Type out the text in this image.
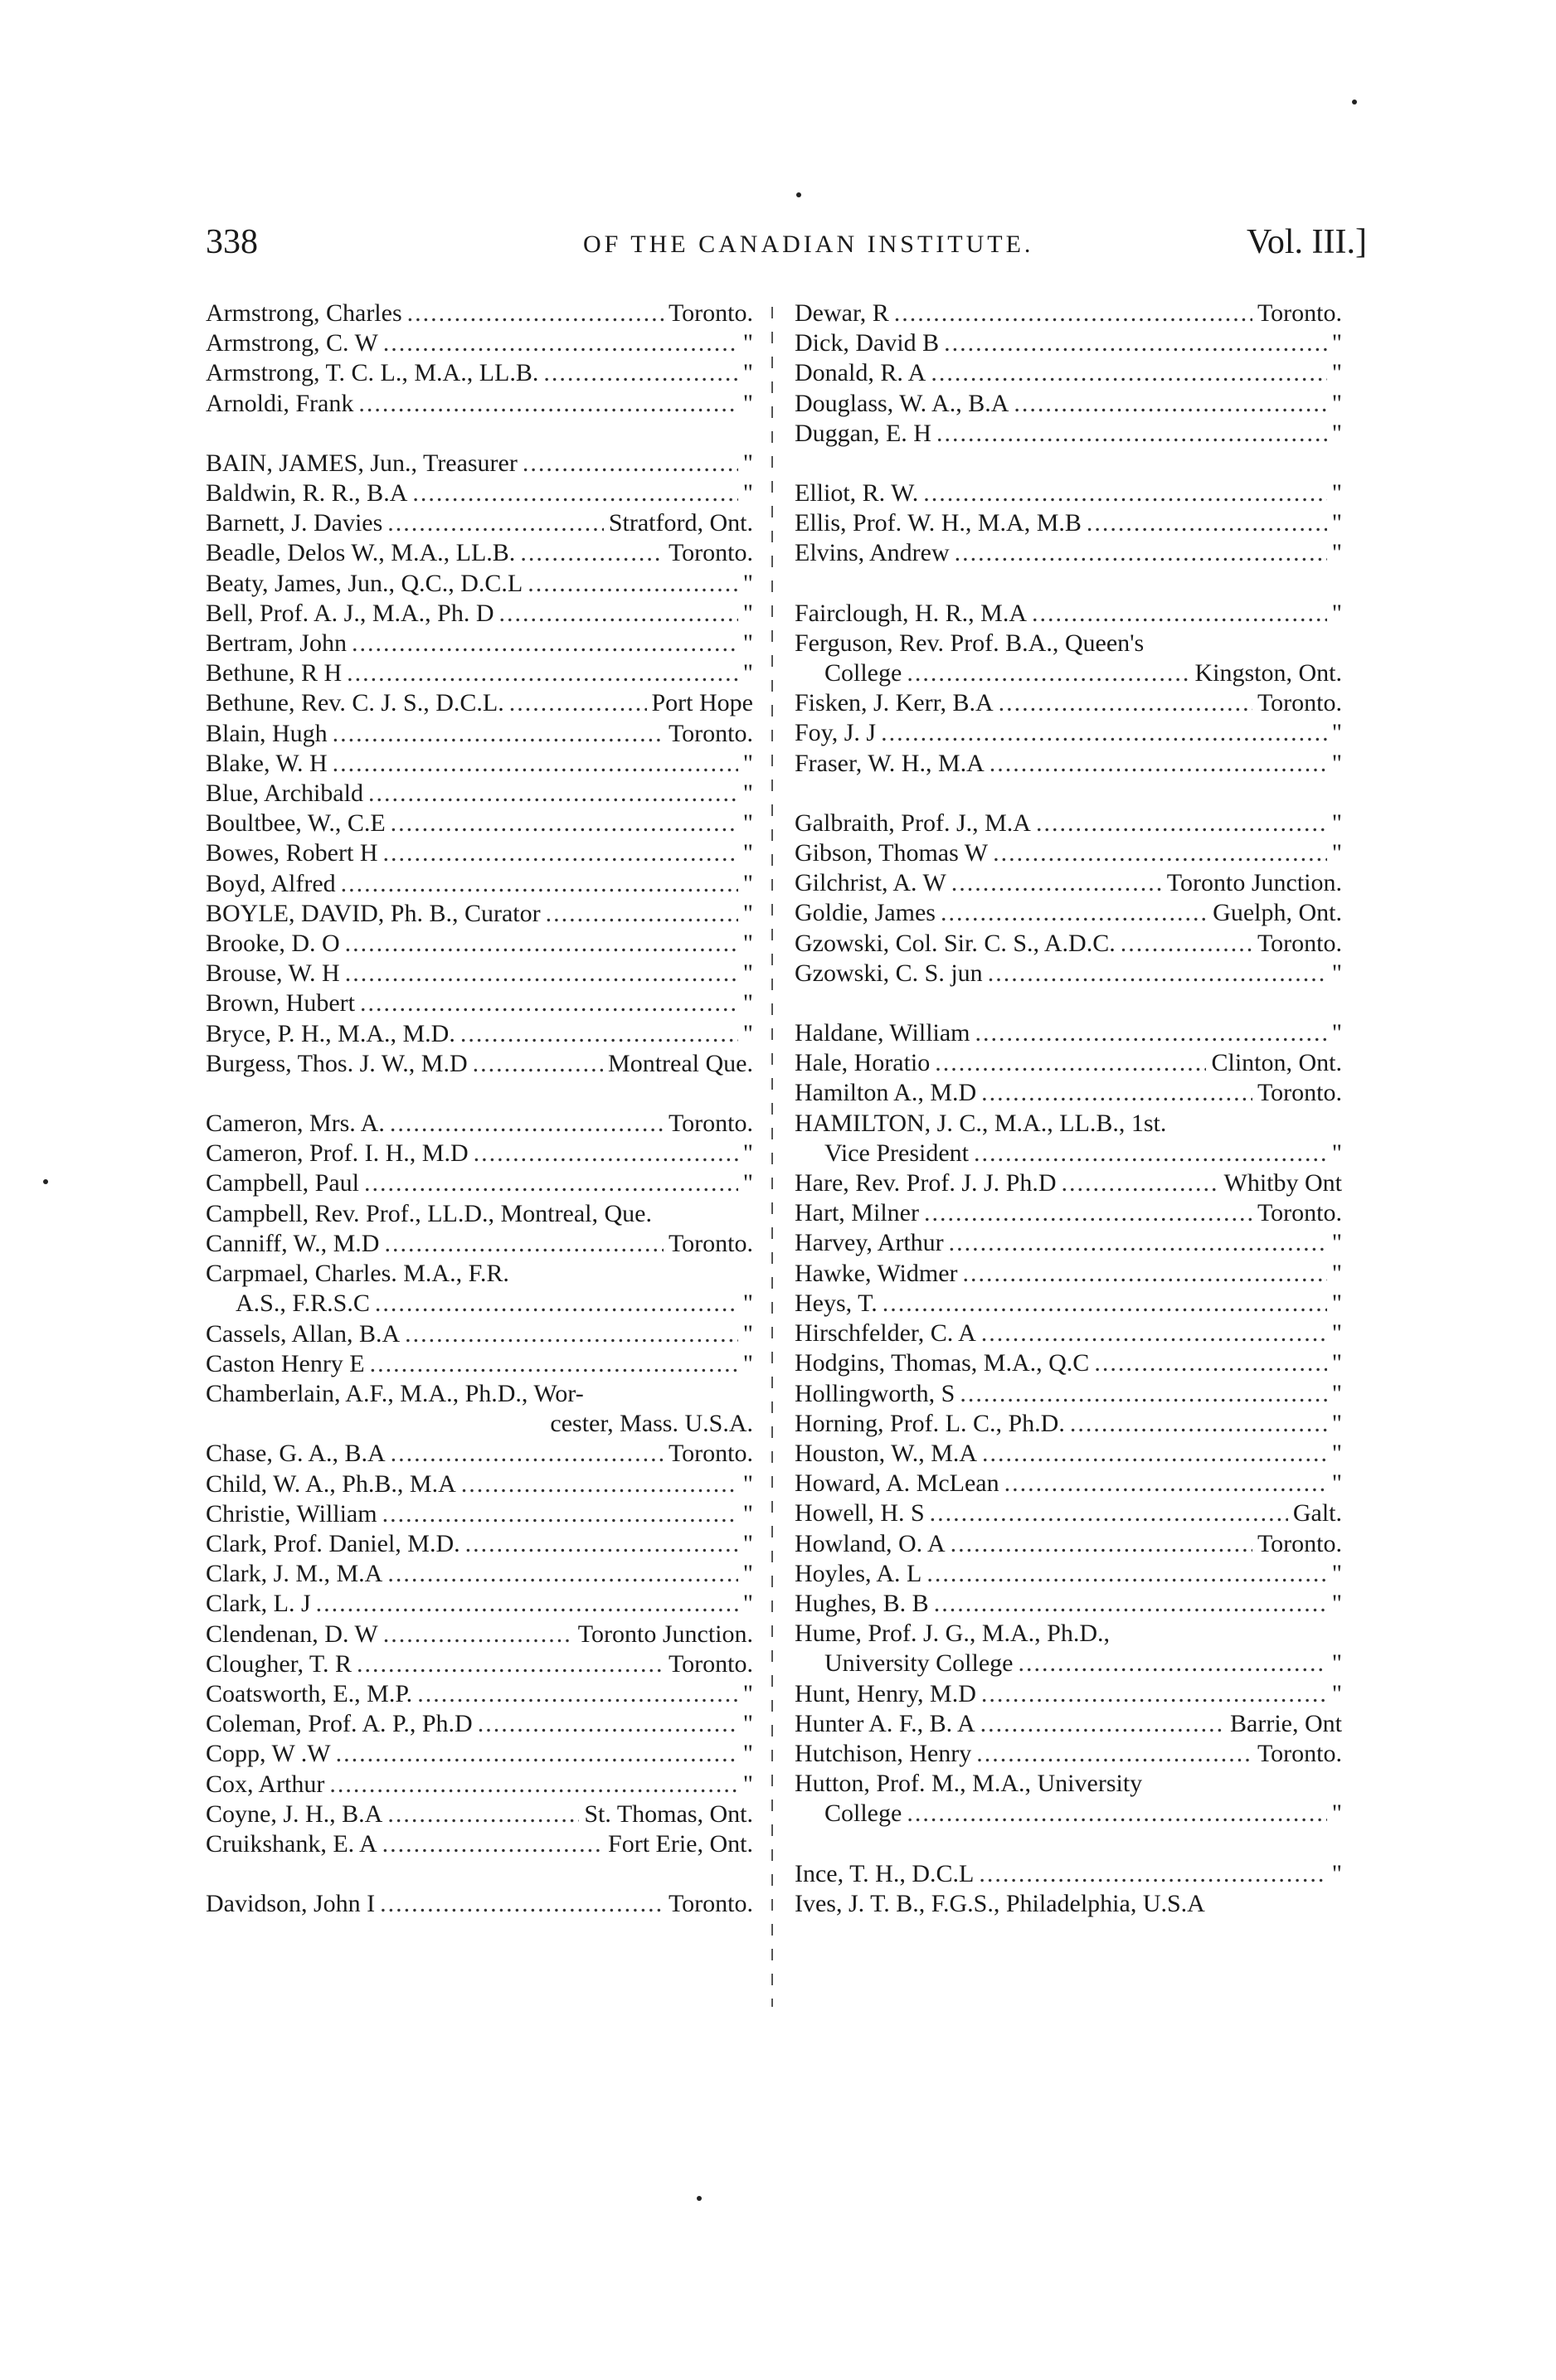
338	OF THE CANADIAN INSTITUTE.	Vol. III.]
Armstrong, Charles .....	Toronto.
Armstrong, C. W .....	"
Armstrong, T. C. L., M.A., LL.B. .....	"
Arnoldi, Frank .....	"
BAIN, JAMES, Jun., Treasurer .....	"
Baldwin, R. R., B.A .....	"
Barnett, J. Davies .....	Stratford, Ont.
Beadle, Delos W., M.A., LL.B. .....	Toronto.
Beaty, James, Jun., Q.C., D.C.L .....	"
Bell, Prof. A. J., M.A., Ph. D .....	"
Bertram, John .....	"
Bethune, R H .....	"
Bethune, Rev. C. J. S., D.C.L. .....	Port Hope
Blain, Hugh .....	Toronto.
Blake, W. H .....	"
Blue, Archibald .....	"
Boultbee, W., C.E .....	"
Bowes, Robert H .....	"
Boyd, Alfred .....	"
BOYLE, DAVID, Ph. B., Curator .....	"
Brooke, D. O .....	"
Brouse, W. H .....	"
Brown, Hubert .....	"
Bryce, P. H., M.A., M.D. .....	"
Burgess, Thos. J. W., M.D .....	Montreal Que.
Cameron, Mrs. A. .....	Toronto.
Cameron, Prof. I. H., M.D .....	"
Campbell, Paul .....	"
Campbell, Rev. Prof., LL.D., Montreal, Que.
Canniff, W., M.D .....	Toronto.
Carpmael, Charles. M.A., F.R.
A.S., F.R.S.C .....	"
Cassels, Allan, B.A .....	"
Caston Henry E .....	"
Chamberlain, A.F., M.A., Ph.D., Wor-
cester, Mass. U.S.A.
Chase, G. A., B.A .....	Toronto.
Child, W. A., Ph.B., M.A .....	"
Christie, William .....	"
Clark, Prof. Daniel, M.D. .....	"
Clark, J. M., M.A .....	"
Clark, L. J .....	"
Clendenan, D. W .....	Toronto Junction.
Clougher, T. R .....	Toronto.
Coatsworth, E., M.P. .....	"
Coleman, Prof. A. P., Ph.D .....	"
Copp, W .W .....	"
Cox, Arthur .....	"
Coyne, J. H., B.A .....	St. Thomas, Ont.
Cruikshank, E. A .....	Fort Erie, Ont.
Davidson, John I .....	Toronto.
Dewar, R .....	Toronto.
Dick, David B .....	"
Donald, R. A .....	"
Douglass, W. A., B.A .....	"
Duggan, E. H .....	"
Elliot, R. W. .....	"
Ellis, Prof. W. H., M.A, M.B .....	"
Elvins, Andrew .....	"
Fairclough, H. R., M.A .....	"
Ferguson, Rev. Prof. B.A., Queen's
College .....	Kingston, Ont.
Fisken, J. Kerr, B.A .....	Toronto.
Foy, J. J .....	"
Fraser, W. H., M.A .....	"
Galbraith, Prof. J., M.A .....	"
Gibson, Thomas W .....	"
Gilchrist, A. W .....	Toronto Junction.
Goldie, James .....	Guelph, Ont.
Gzowski, Col. Sir. C. S., A.D.C. .....	Toronto.
Gzowski, C. S. jun .....	"
Haldane, William .....	"
Hale, Horatio .....	Clinton, Ont.
Hamilton A., M.D .....	Toronto.
HAMILTON, J. C., M.A., LL.B., 1st.
Vice President .....	"
Hare, Rev. Prof. J. J. Ph.D .....	Whitby Ont
Hart, Milner .....	Toronto.
Harvey, Arthur .....	"
Hawke, Widmer .....	"
Heys, T. .....	"
Hirschfelder, C. A .....	"
Hodgins, Thomas, M.A., Q.C .....	"
Hollingworth, S .....	"
Horning, Prof. L. C., Ph.D. .....	"
Houston, W., M.A .....	"
Howard, A. McLean .....	"
Howell, H. S .....	Galt.
Howland, O. A .....	Toronto.
Hoyles, A. L .....	"
Hughes, B. B .....	"
Hume, Prof. J. G., M.A., Ph.D.,
University College .....	"
Hunt, Henry, M.D .....	"
Hunter A. F., B. A .....	Barrie, Ont
Hutchison, Henry .....	Toronto.
Hutton, Prof. M., M.A., University
College .....	"
Ince, T. H., D.C.L .....	"
Ives, J. T. B., F.G.S., Philadelphia, U.S.A
